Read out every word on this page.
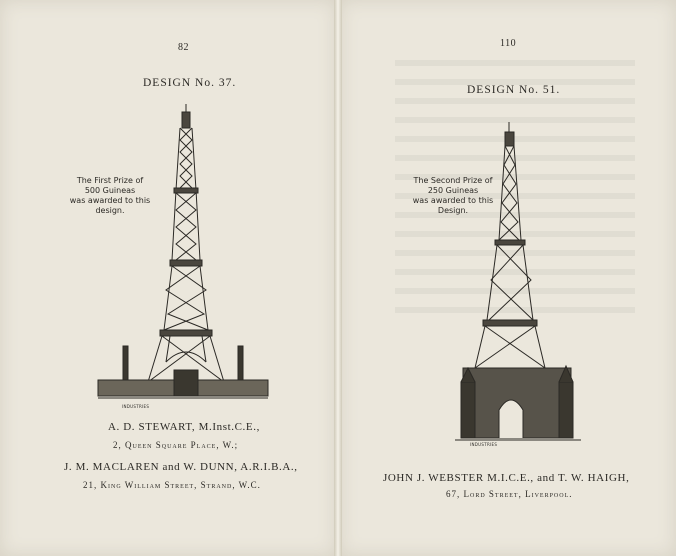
82
DESIGN No. 37.
The First Prize of
500 Guineas
was awarded to this
design.
INDUSTRIES
A. D. STEWART, M.Inst.C.E.,
2, Queen Square Place, W.;
J. M. MACLAREN and W. DUNN, A.R.I.B.A.,
21, King William Street, Strand, W.C.
110
DESIGN No. 51.
The Second Prize of
250 Guineas
was awarded to this
Design.
INDUSTRIES
JOHN J. WEBSTER M.I.C.E., and T. W. HAIGH,
67, Lord Street, Liverpool.
